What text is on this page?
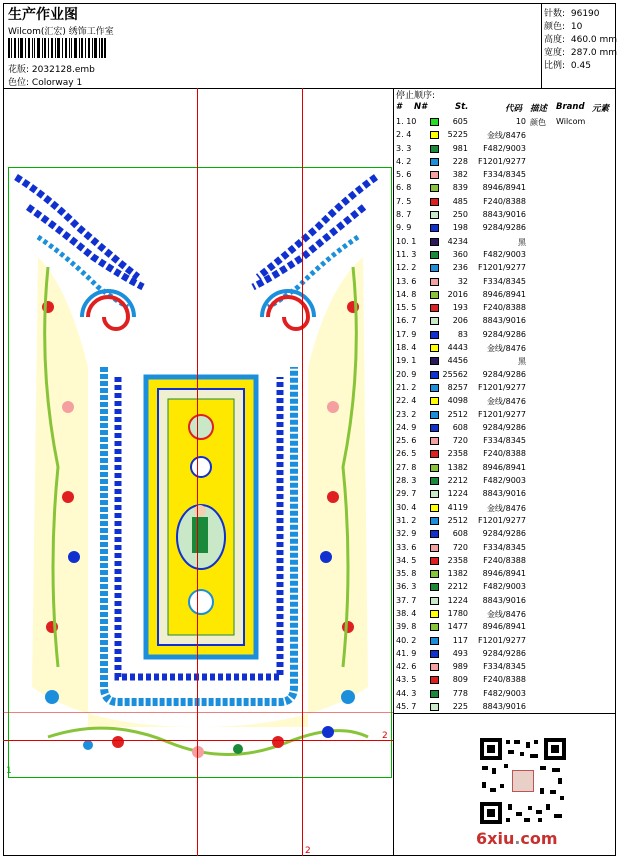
生产作业图
Wilcom(汇宏) 绣饰工作室
花版: 2032128.emb
色位: Colorway 1
针数: 96190
颜色: 10
高度: 460.0 mm
宽度: 287.0 mm
比例: 0.45
停止顺序:
# N#	St.	代码 描述 Brand 元素
1. 10	605	10 颜色	Wilcom
2. 4	5225	金线/8476
3. 3	981	F482/9003
4. 2	228	F1201/9277
5. 6	382	F334/8345
6. 8	839	8946/8941
7. 5	485	F240/8388
8. 7	250	8843/9016
9. 9	198	9284/9286
10. 1	4234	黑
11. 3	360	F482/9003
12. 2	236	F1201/9277
13. 6	32	F334/8345
14. 8	2016	8946/8941
15. 5	193	F240/8388
16. 7	206	8843/9016
17. 9	83	9284/9286
18. 4	4443	金线/8476
19. 1	4456	黑
20. 9	25562	9284/9286
21. 2	8257	F1201/9277
22. 4	4098	金线/8476
23. 2	2512	F1201/9277
24. 9	608	9284/9286
25. 6	720	F334/8345
26. 5	2358	F240/8388
27. 8	1382	8946/8941
28. 3	2212	F482/9003
29. 7	1224	8843/9016
30. 4	4119	金线/8476
31. 2	2512	F1201/9277
32. 9	608	9284/9286
33. 6	720	F334/8345
34. 5	2358	F240/8388
35. 8	1382	8946/8941
36. 3	2212	F482/9003
37. 7	1224	8843/9016
38. 4	1780	金线/8476
39. 8	1477	8946/8941
40. 2	117	F1201/9277
41. 9	493	9284/9286
42. 6	989	F334/8345
43. 5	809	F240/8388
44. 3	778	F482/9003
45. 7	225	8843/9016
2
2
1
6xiu.com
